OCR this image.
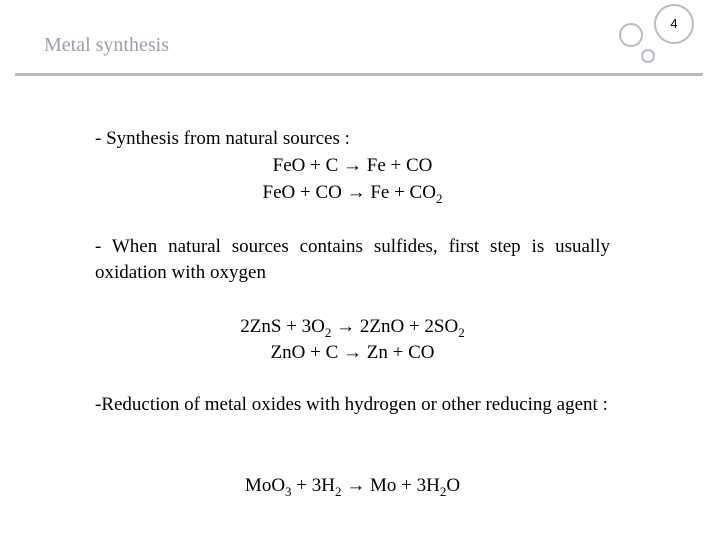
Metal synthesis
4
- Synthesis from natural sources :
FeO + C → Fe + CO
FeO + CO → $Fe + CO_2$
- When natural sources contains sulfides, first step is usually oxidation with oxygen
$2ZnS + 3O_2 \to 2ZnO + 2SO_2$
ZnO + C → Zn + CO
-Reduction of metal oxides with hydrogen or other reducing agent :
$MoO_3 + 3H_2 \to Mo + 3H_2O$
